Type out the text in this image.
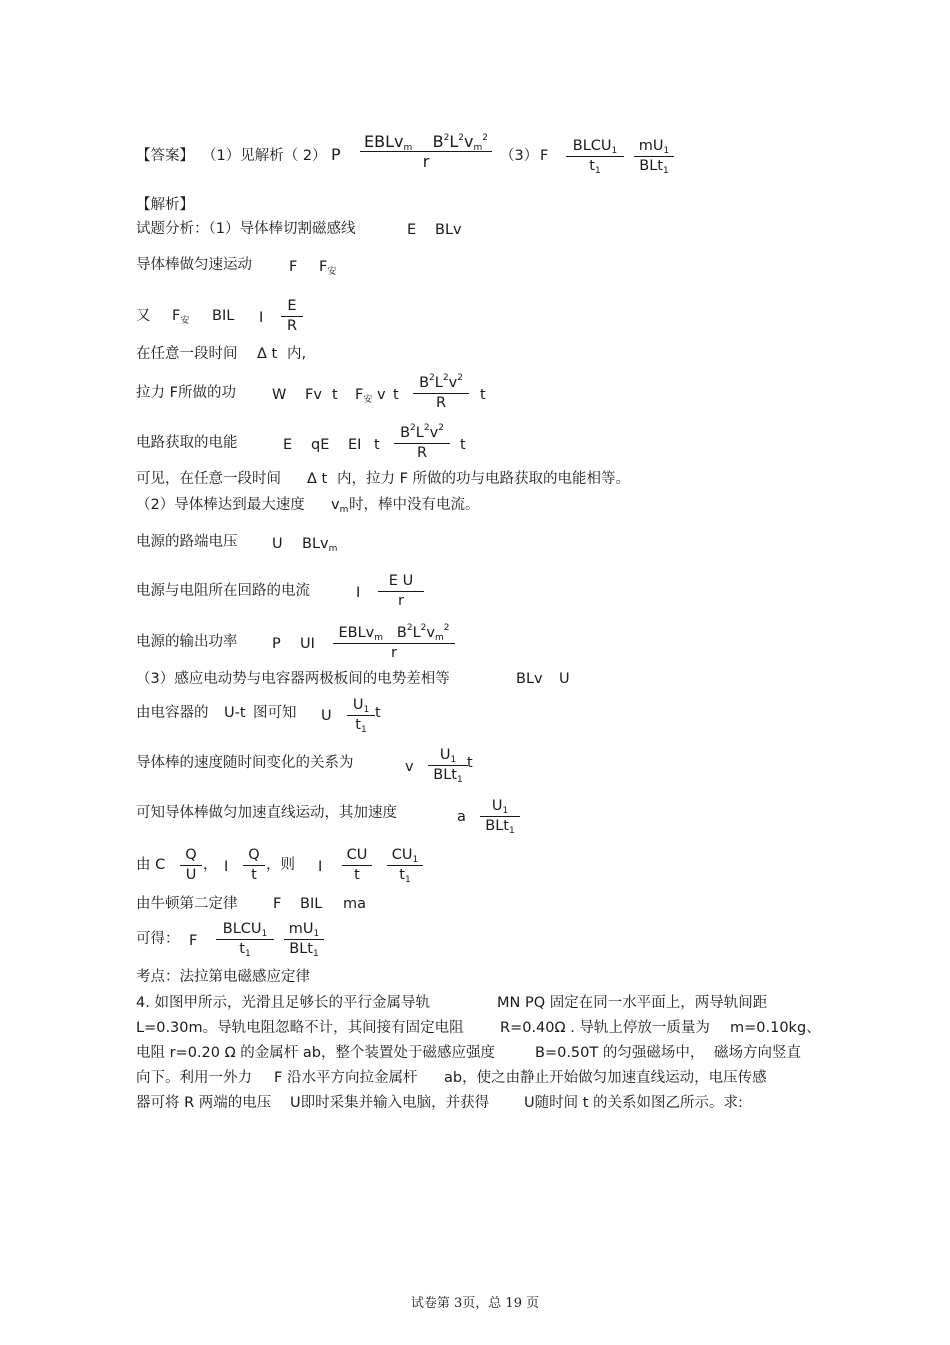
【答案】 （1）见解析（ 2） P
EBLv$_m$ $B^2L^2v_m^2$
r	（3） F
$BLCU_1$
$t_1$
$mU_1$
BLt$_1$
【解析】
试题分析：（1）导体棒切割磁感线	E BLv
导体棒做匀速运动	F $F_安$
又 $F_安$ BIL I
E
R
在任意一段时间 Δ t 内,
拉力 F所做的功 W Fv t $F_安$ v t
$B^2L^2v^2$
R	t
电路获取的电能	E qE EI t
$B^2L^2v^2$
R	t
可见，在任意一段时间 Δ t 内，拉力 F 所做的功与电路获取的电能相等。
（2）导体棒达到最大速度 $v_m$ 时，棒中没有电流。
电源的路端电压 U BLv$_m$
电源与电阻所在回路的电流	I
E U
r
电源的输出功率 P UI
EBLv$_m$ $B^2L^2v_m^2$
r
（3）感应电动势与电容器两极板间的电势差相等	BLv U
由电容器的 U-t 图可知 U
$U_1$
$t_1$
t
导体棒的速度随时间变化的关系为	v
$U_1$
BLt$_1$
t
可知导体棒做匀加速直线运动，其加速度	a
$U_1$
BLt$_1$
由 C
Q
U
， I
Q
t
，则 I
CU
t
$CU_1$
$t_1$
由牛顿第二定律 F BIL ma
可得： F
$BLCU_1$
$t_1$
$mU_1$
BLt$_1$
考点：法拉第电磁感应定律
4. 如图甲所示，光滑且足够长的平行金属导轨	MN PQ 固定在同一水平面上，两导轨间距
L=0.30m。导轨电阻忽略不计，其间接有固定电阻	R=0.40Ω . 导轨上停放一质量为 m=0.10kg、
电阻 r=0.20 Ω 的金属杆 ab，整个装置处于磁感应强度	B=0.50T 的匀强磁场中， 磁场方向竖直
向下。利用一外力 F 沿水平方向拉金属杆 ab，使之由静止开始做匀加速直线运动，电压传感
器可将 R 两端的电压 U即时采集并输入电脑，并获得 U随时间 t 的关系如图乙所示。求:
试卷第 3页，总 19 页
